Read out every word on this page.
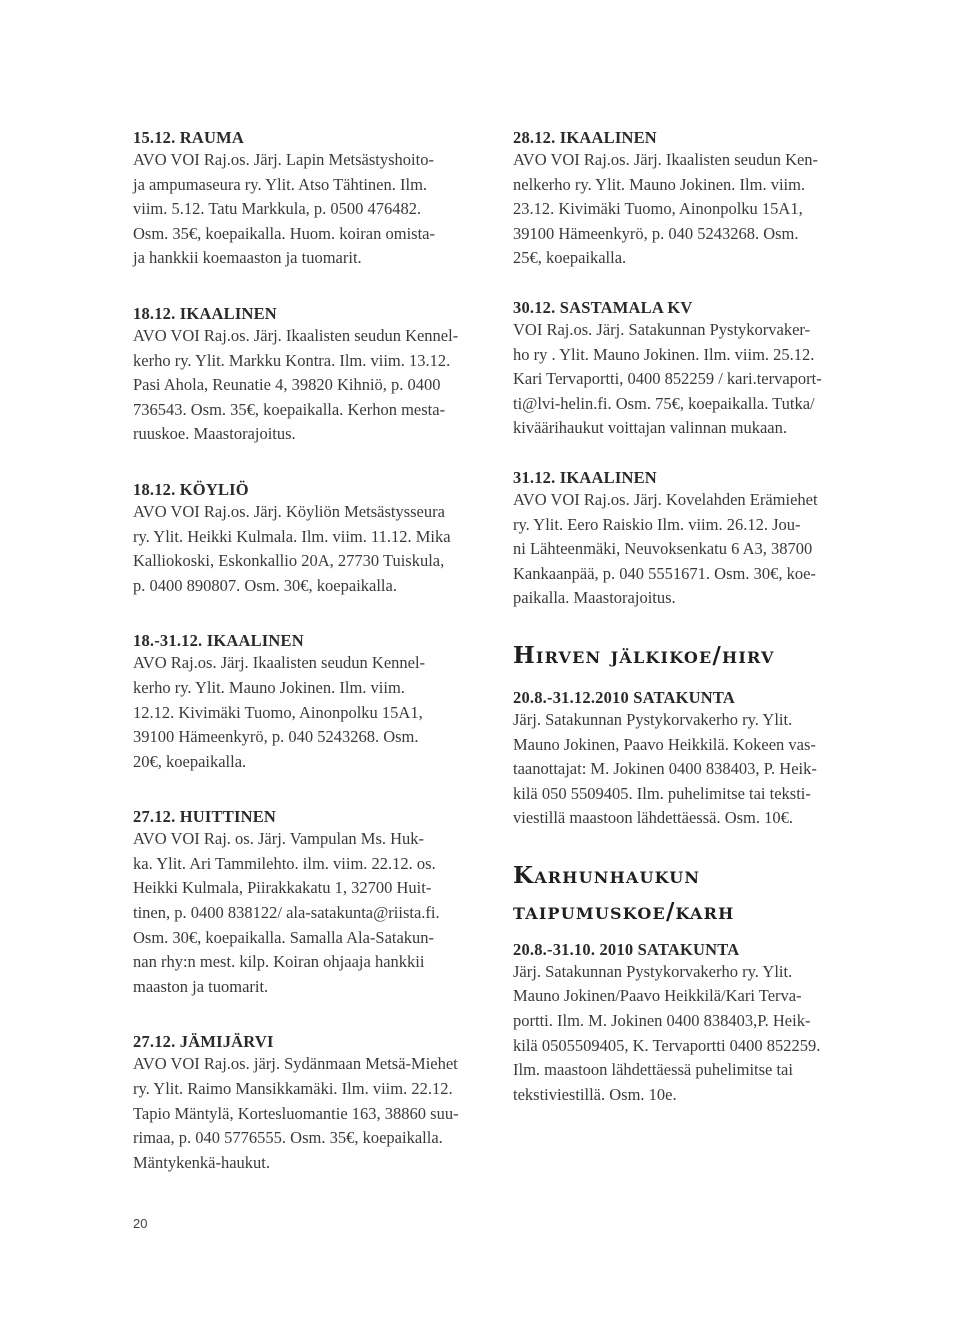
15.12. RAUMA

AVO VOI Raj.os. Järj. Lapin Metsästyshoito-

ja ampumaseura ry. Ylit. Atso Tähtinen. Ilm.

viim. 5.12. Tatu Markkula, p. 0500 476482.

Osm. 35€, koepaikalla. Huom. koiran omista-

ja hankkii koemaaston ja tuomarit.

18.12. IKAALINEN

AVO VOI Raj.os. Järj. Ikaalisten seudun Kennel-

kerho ry. Ylit. Markku Kontra. Ilm. viim. 13.12.

Pasi Ahola, Reunatie 4, 39820 Kihniö, p. 0400

736543. Osm. 35€, koepaikalla. Kerhon mesta-

ruuskoe. Maastorajoitus.

18.12. KÖYLIÖ

AVO VOI Raj.os. Järj. Köyliön Metsästysseura

ry. Ylit. Heikki Kulmala. Ilm. viim. 11.12. Mika

Kalliokoski, Eskonkallio 20A, 27730 Tuiskula,

p. 0400 890807. Osm. 30€, koepaikalla.

18.-31.12. IKAALINEN

AVO Raj.os. Järj. Ikaalisten seudun Kennel-

kerho ry. Ylit. Mauno Jokinen. Ilm. viim.

12.12. Kivimäki Tuomo, Ainonpolku 15A1,

39100 Hämeenkyrö, p. 040 5243268. Osm.

20€, koepaikalla.

27.12. HUITTINEN

AVO VOI Raj. os. Järj. Vampulan Ms. Huk-

ka. Ylit. Ari Tammilehto. ilm. viim. 22.12. os.

Heikki Kulmala, Piirakkakatu 1, 32700 Huit-

tinen, p. 0400 838122/ ala-satakunta@riista.fi.

Osm. 30€, koepaikalla. Samalla Ala-Satakun-

nan rhy:n mest. kilp. Koiran ohjaaja hankkii

maaston ja tuomarit.

27.12. JÄMIJÄRVI

AVO VOI Raj.os. järj. Sydänmaan Metsä-Miehet

ry. Ylit. Raimo Mansikkamäki. Ilm. viim. 22.12.

Tapio Mäntylä, Kortesluomantie 163, 38860 suu-

rimaa, p. 040 5776555. Osm. 35€, koepaikalla.

Mäntykenkä-haukut.

28.12. IKAALINEN

AVO VOI Raj.os. Järj. Ikaalisten seudun Ken-

nelkerho ry. Ylit. Mauno Jokinen. Ilm. viim.

23.12. Kivimäki Tuomo, Ainonpolku 15A1,

39100 Hämeenkyrö, p. 040 5243268. Osm.

25€, koepaikalla.

30.12. SASTAMALA KV

VOI Raj.os. Järj. Satakunnan Pystykorvaker-

ho ry . Ylit. Mauno Jokinen. Ilm. viim. 25.12.

Kari Tervaportti, 0400 852259 / kari.tervaport-

ti@lvi-helin.fi. Osm. 75€, koepaikalla. Tutka/

kiväärihaukut voittajan valinnan mukaan.

31.12. IKAALINEN

AVO VOI Raj.os. Järj. Kovelahden Erämiehet

ry. Ylit. Eero Raiskio Ilm. viim. 26.12. Jou-

ni Lähteenmäki, Neuvoksenkatu 6 A3, 38700

Kankaanpää, p. 040 5551671. Osm. 30€, koe-

paikalla. Maastorajoitus.

Hirven jälkikoe/hirv

20.8.-31.12.2010 SATAKUNTA

Järj. Satakunnan Pystykorvakerho ry. Ylit.

Mauno Jokinen, Paavo Heikkilä. Kokeen vas-

taanottajat: M. Jokinen 0400 838403, P. Heik-

kilä 050 5509405. Ilm. puhelimitse tai teksti-

viestillä maastoon lähdettäessä. Osm. 10€.

Karhunhaukun

taipumuskoe/karh

20.8.-31.10. 2010 SATAKUNTA

Järj. Satakunnan Pystykorvakerho ry. Ylit.

Mauno Jokinen/Paavo Heikkilä/Kari Terva-

portti. Ilm. M. Jokinen 0400 838403,P. Heik-

kilä 0505509405, K. Tervaportti 0400 852259.

Ilm. maastoon lähdettäessä puhelimitse tai

tekstiviestillä. Osm. 10e.

20
